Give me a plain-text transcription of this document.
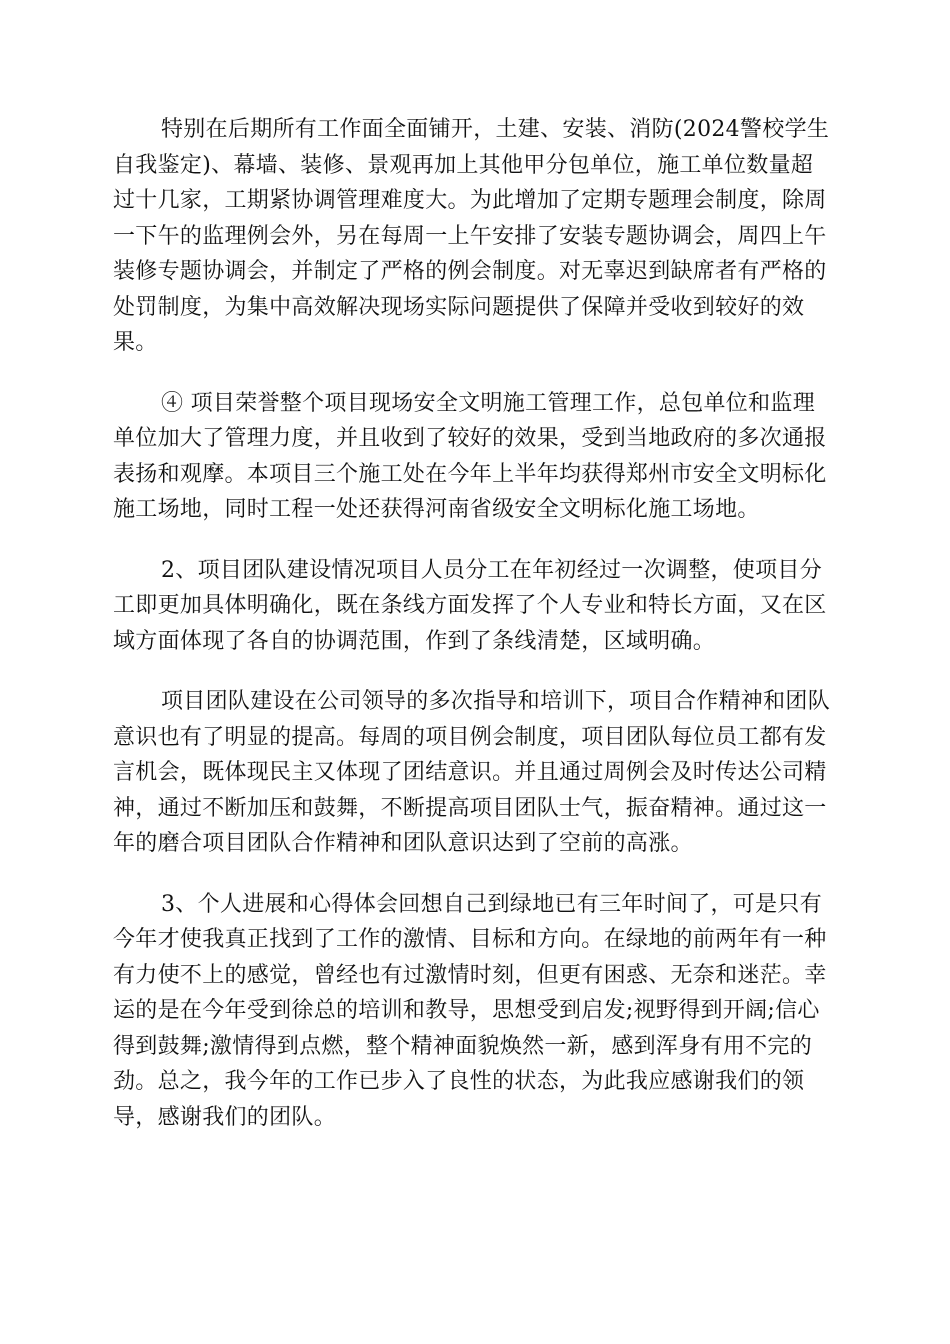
特别在后期所有工作面全面铺开，土建、安装、消防(2024警校学生
自我鉴定)、幕墙、装修、景观再加上其他甲分包单位，施工单位数量超
过十几家，工期紧协调管理难度大。为此增加了定期专题理会制度，除周
一下午的监理例会外，另在每周一上午安排了安装专题协调会，周四上午
装修专题协调会，并制定了严格的例会制度。对无辜迟到缺席者有严格的
处罚制度，为集中高效解决现场实际问题提供了保障并受收到较好的效
果。

④ 项目荣誉整个项目现场安全文明施工管理工作，总包单位和监理
单位加大了管理力度，并且收到了较好的效果，受到当地政府的多次通报
表扬和观摩。本项目三个施工处在今年上半年均获得郑州市安全文明标化
施工场地，同时工程一处还获得河南省级安全文明标化施工场地。

2、项目团队建设情况项目人员分工在年初经过一次调整，使项目分
工即更加具体明确化，既在条线方面发挥了个人专业和特长方面，又在区
域方面体现了各自的协调范围，作到了条线清楚，区域明确。

项目团队建设在公司领导的多次指导和培训下，项目合作精神和团队
意识也有了明显的提高。每周的项目例会制度，项目团队每位员工都有发
言机会，既体现民主又体现了团结意识。并且通过周例会及时传达公司精
神，通过不断加压和鼓舞，不断提高项目团队士气，振奋精神。通过这一
年的磨合项目团队合作精神和团队意识达到了空前的高涨。

3、个人进展和心得体会回想自己到绿地已有三年时间了，可是只有
今年才使我真正找到了工作的激情、目标和方向。在绿地的前两年有一种
有力使不上的感觉，曾经也有过激情时刻，但更有困惑、无奈和迷茫。幸
运的是在今年受到徐总的培训和教导，思想受到启发;视野得到开阔;信心
得到鼓舞;激情得到点燃，整个精神面貌焕然一新，感到浑身有用不完的
劲。总之，我今年的工作已步入了良性的状态，为此我应感谢我们的领
导，感谢我们的团队。
